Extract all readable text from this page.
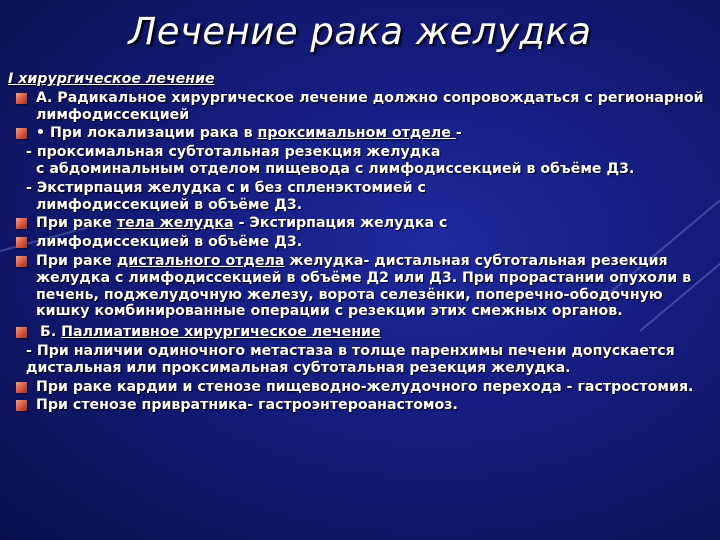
Лечение рака желудка
I хирургическое лечение
А. Радикальное хирургическое лечение должно сопровождаться с регионарной лимфодиссекцией
• При локализации рака в проксимальном отделе -
- проксимальная субтотальная резекция желудка
с абдоминальным отделом пищевода с лимфодиссекцией в объёме Д3.
- Экстирпация желудка с и без спленэктомией с
лимфодиссекцией в объёме Д3.
При раке тела желудка - Экстирпация желудка с
лимфодиссекцией в объёме Д3.
При раке дистального отдела желудка- дистальная субтотальная резекция желудка с лимфодиссекцией в объёме Д2 или Д3. При прорастании опухоли в печень, поджелудочную железу, ворота селезёнки, поперечно-ободочную кишку комбинированные операции с резекции этих смежных органов.
Б. Паллиативное хирургическое лечение
- При наличии одиночного метастаза в толще паренхимы печени допускается дистальная или проксимальная субтотальная резекция желудка.
При раке кардии и стенозе пищеводно-желудочного перехода - гастростомия.
При стенозе привратника- гастроэнтероанастомоз.
